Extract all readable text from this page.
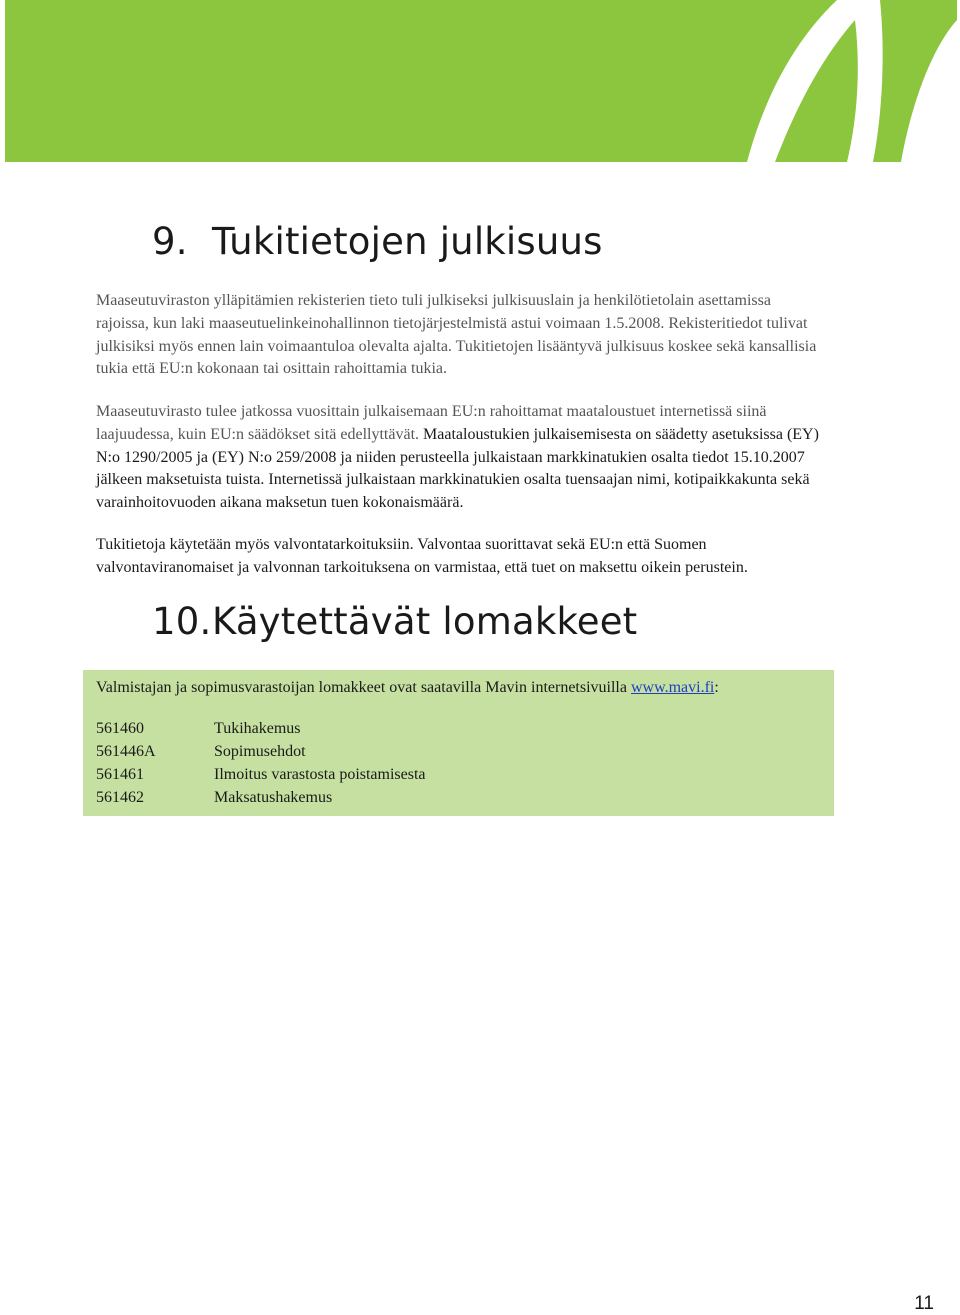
9. Tukitietojen julkisuus

Maaseutuviraston ylläpitämien rekisterien tieto tuli julkiseksi julkisuuslain ja henkilötietolain asettamissa rajoissa, kun laki maaseutuelinkeinohallinnon tietojärjestelmistä astui voimaan 1.5.2008. Rekisteritiedot tulivat julkisiksi myös ennen lain voimaantuloa olevalta ajalta. Tukitietojen lisääntyvä julkisuus koskee sekä kansallisia tukia että EU:n kokonaan tai osittain rahoittamia tukia.

Maaseutuvirasto tulee jatkossa vuosittain julkaisemaan EU:n rahoittamat maataloustuet internetissä siinä laajuudessa, kuin EU:n säädökset sitä edellyttävät. Maataloustukien julkaisemisesta on säädetty asetuksissa (EY) N:o 1290/2005 ja (EY) N:o 259/2008 ja niiden perusteella julkaistaan markkinatukien osalta tiedot 15.10.2007 jälkeen maksetuista tuista. Internetissä julkaistaan markkinatukien osalta tuensaajan nimi, kotipaikkakunta sekä varainhoitovuoden aikana maksetun tuen kokonaismäärä.

Tukitietoja käytetään myös valvontatarkoituksiin. Valvontaa suorittavat sekä EU:n että Suomen valvontaviranomaiset ja valvonnan tarkoituksena on varmistaa, että tuet on maksettu oikein perustein.

10.Käytettävät lomakkeet
Valmistajan ja sopimusvarastoijan lomakkeet ovat saatavilla Mavin internetsivuilla www.mavi.fi:
561460	Tukihakemus
561446A	Sopimusehdot
561461	Ilmoitus varastosta poistamisesta
561462	Maksatushakemus
11
